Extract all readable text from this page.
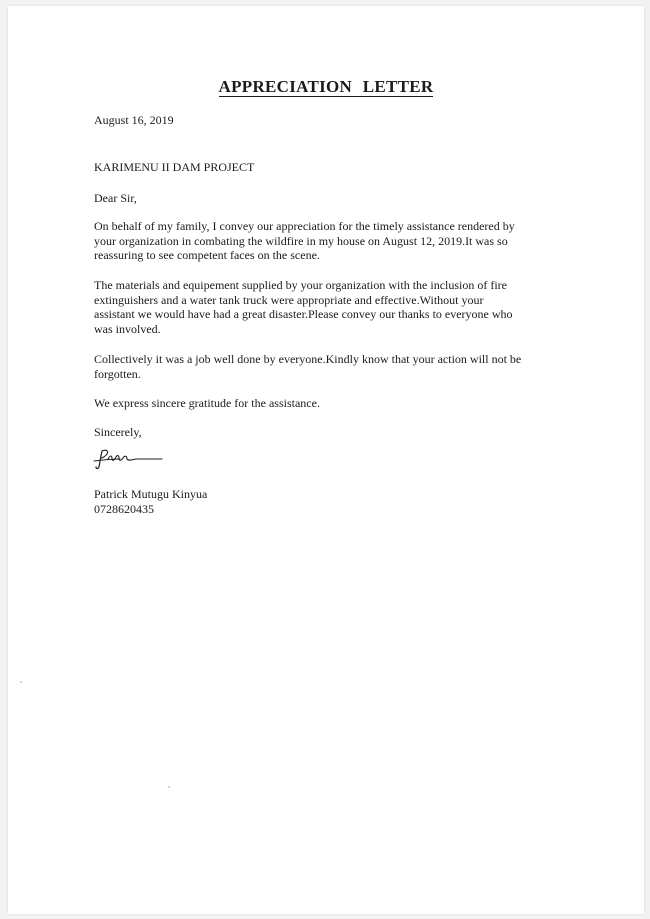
APPRECIATION LETTER
August 16, 2019
KARIMENU II DAM PROJECT
Dear Sir,
On behalf of my family, I convey our appreciation for the timely assistance rendered by
your organization in combating the wildfire in my house on August 12, 2019.It was so
reassuring to see competent faces on the scene.
The materials and equipement supplied by your organization with the inclusion of fire
extinguishers and a water tank truck were appropriate and effective.Without your
assistant we would have had a great disaster.Please convey our thanks to everyone who
was involved.
Collectively it was a job well done by everyone.Kindly know that your action will not be
forgotten.
We express sincere gratitude for the assistance.
Sincerely,
Patrick Mutugu Kinyua
0728620435
